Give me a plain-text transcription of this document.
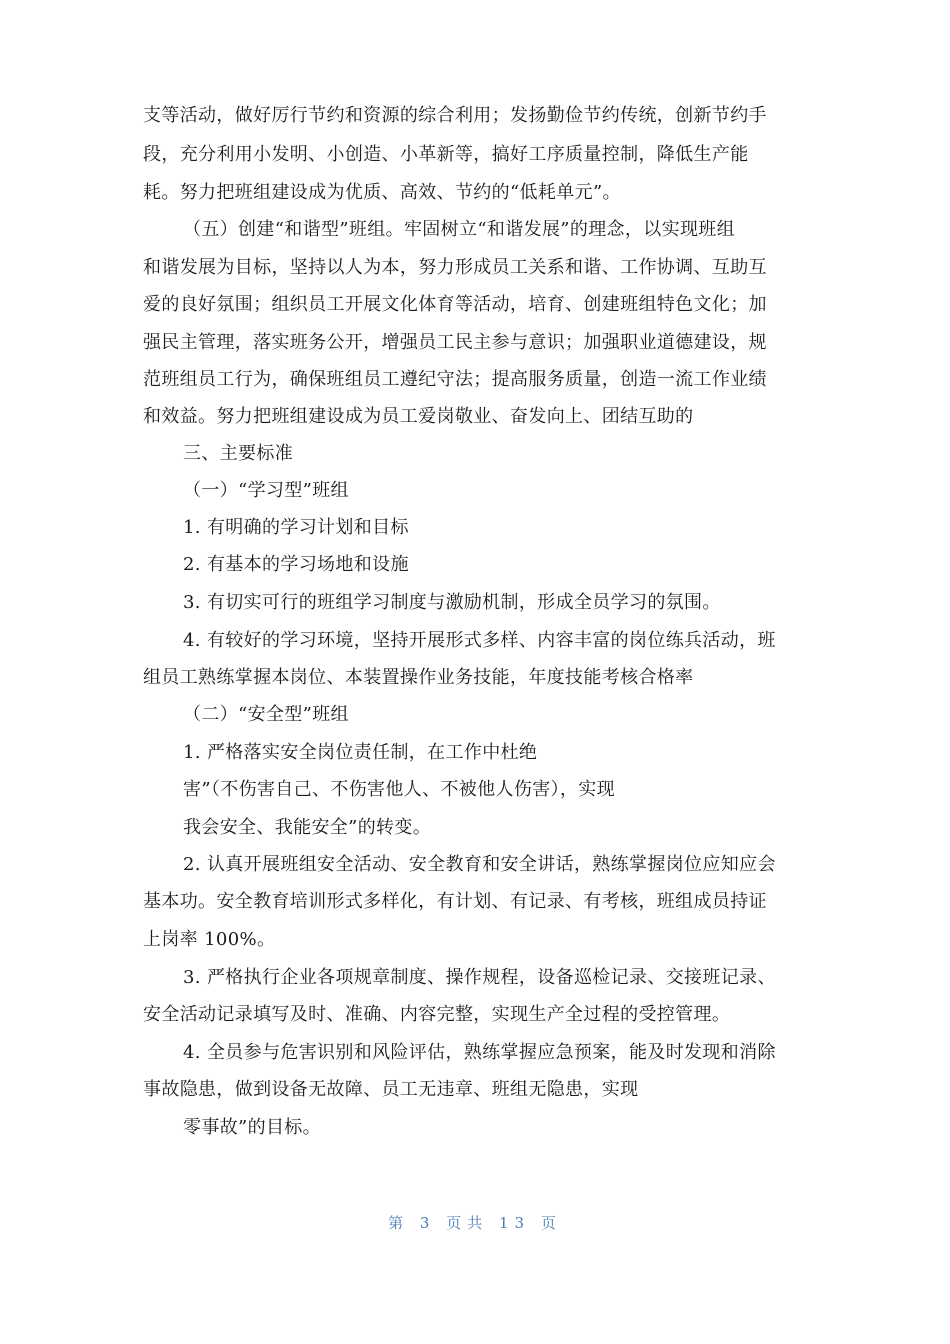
支等活动，做好厉行节约和资源的综合利用；发扬勤俭节约传统，创新节约手
段，充分利用小发明、小创造、小革新等，搞好工序质量控制，降低生产能
耗。努力把班组建设成为优质、高效、节约的“低耗单元”。
（五）创建“和谐型”班组。牢固树立“和谐发展”的理念，以实现班组
和谐发展为目标，坚持以人为本，努力形成员工关系和谐、工作协调、互助互
爱的良好氛围；组织员工开展文化体育等活动，培育、创建班组特色文化；加
强民主管理，落实班务公开，增强员工民主参与意识；加强职业道德建设，规
范班组员工行为，确保班组员工遵纪守法；提高服务质量，创造一流工作业绩
和效益。努力把班组建设成为员工爱岗敬业、奋发向上、团结互助的
三、主要标准
（一）“学习型”班组
1. 有明确的学习计划和目标
2. 有基本的学习场地和设施
3. 有切实可行的班组学习制度与激励机制，形成全员学习的氛围。
4. 有较好的学习环境，坚持开展形式多样、内容丰富的岗位练兵活动，班
组员工熟练掌握本岗位、本装置操作业务技能，年度技能考核合格率
（二）“安全型”班组
1. 严格落实安全岗位责任制，在工作中杜绝
害”（不伤害自己、不伤害他人、不被他人伤害），实现
我会安全、我能安全”的转变。
2. 认真开展班组安全活动、安全教育和安全讲话，熟练掌握岗位应知应会
基本功。安全教育培训形式多样化，有计划、有记录、有考核，班组成员持证
上岗率 100%。
3. 严格执行企业各项规章制度、操作规程，设备巡检记录、交接班记录、
安全活动记录填写及时、准确、内容完整，实现生产全过程的受控管理。
4. 全员参与危害识别和风险评估，熟练掌握应急预案，能及时发现和消除
事故隐患，做到设备无故障、员工无违章、班组无隐患，实现
零事故”的目标。
第 3 页共 13 页
